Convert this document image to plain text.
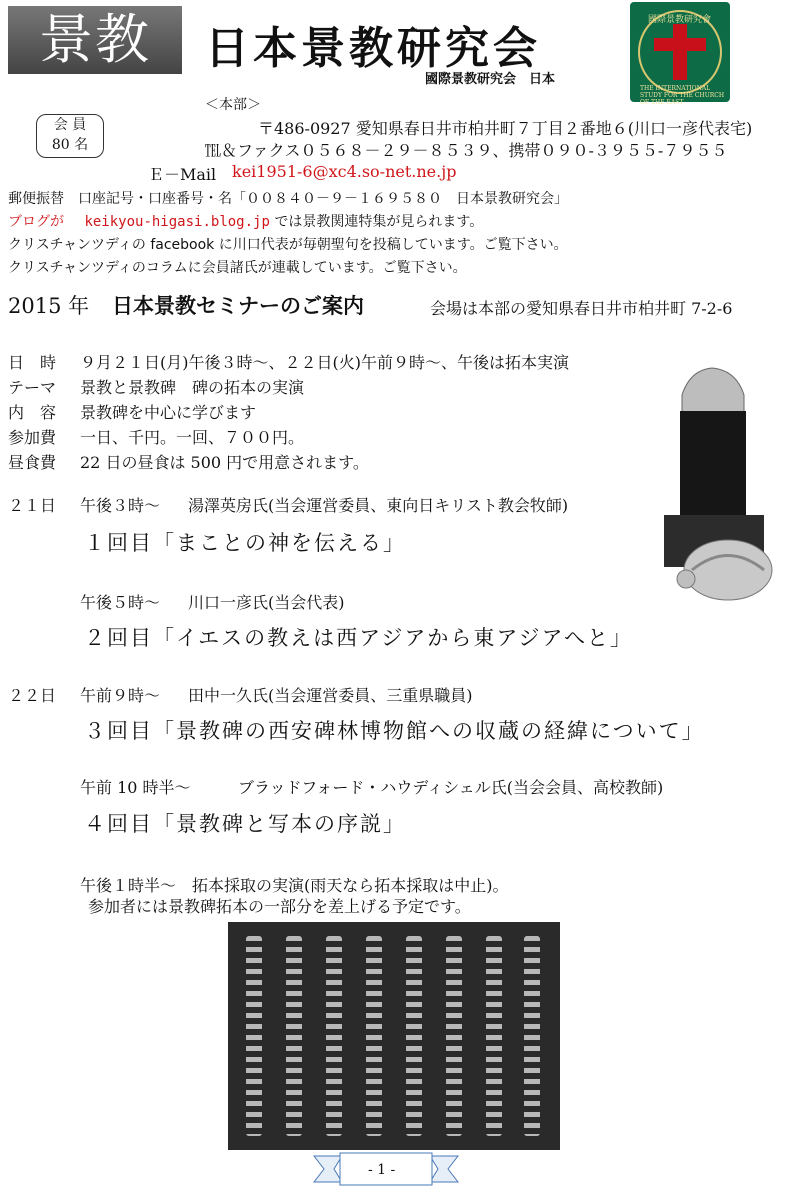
景教	日本景教研究会
國際景教研究会　日本
國際景教研究會
THE INTERNATIONAL STUDY FOR THE CHURCH OF THE EAST
＜本部＞
会 員
80 名
〒486-0927 愛知県春日井市柏井町７丁目２番地６(川口一彦代表宅)
℡＆ファクス０５６８－２９－８５３９、携帯０９０‐３９５５‐７９５５
Ｅ－Mail kei1951-6@xc4.so-net.ne.jp
郵便振替　口座記号・口座番号・名「００８４０－９－１６９５８０　日本景教研究会」
ブログが keikyou-higasi.blog.jp では景教関連特集が見られます。
クリスチャンツディの facebook に川口代表が毎朝聖句を投稿しています。ご覧下さい。
クリスチャンツディのコラムに会員諸氏が連載しています。ご覧下さい。
2015 年 日本景教セミナーのご案内	会場は本部の愛知県春日井市柏井町 7-2-6
日　時 ９月２１日(月)午後３時～、２２日(火)午前９時～、午後は拓本実演
テーマ 景教と景教碑　碑の拓本の実演
内　容 景教碑を中心に学びます
参加費 一日、千円。一回、７００円。
昼食費 22 日の昼食は 500 円で用意されます。
２１日 午後３時～ 湯澤英房氏(当会運営委員、東向日キリスト教会牧師)
１回目「まことの神を伝える」
午後５時～ 川口一彦氏(当会代表)
２回目「イエスの教えは西アジアから東アジアへと」
２２日 午前９時～ 田中一久氏(当会運営委員、三重県職員)
３回目「景教碑の西安碑林博物館への収蔵の経緯について」
午前 10 時半～	ブラッドフォード・ハウディシェル氏(当会会員、高校教師)
４回目「景教碑と写本の序説」
午後１時半～　拓本採取の実演(雨天なら拓本採取は中止)。
参加者には景教碑拓本の一部分を差上げる予定です。
- 1 -
